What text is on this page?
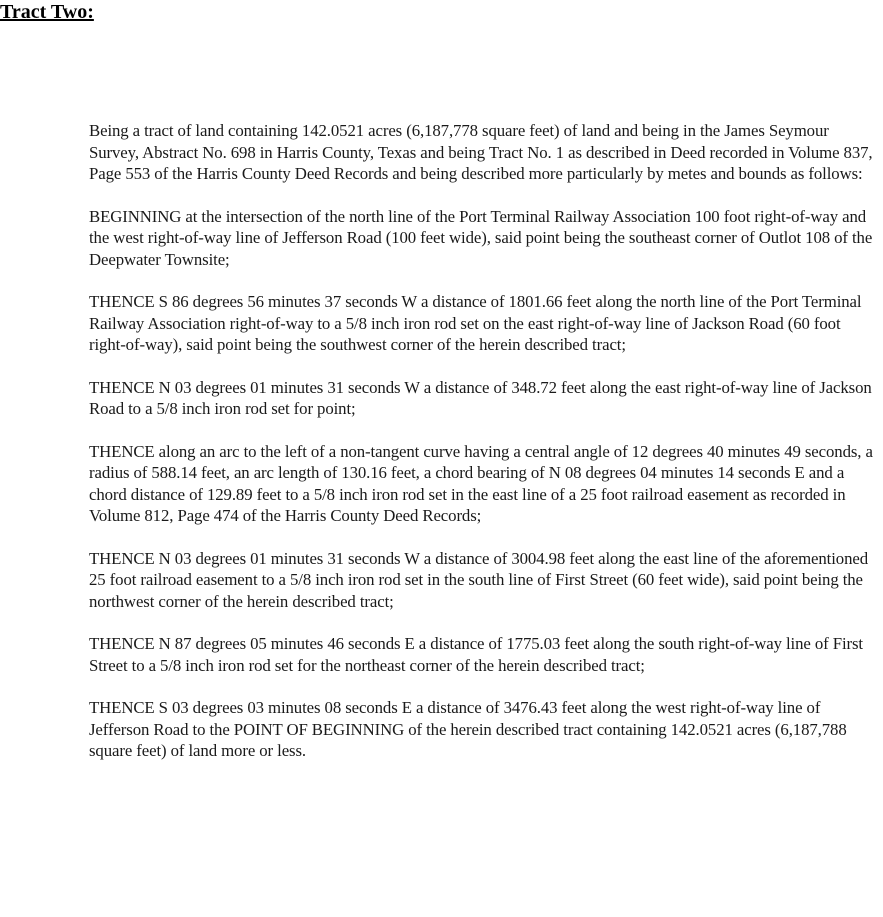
Tract Two:

Being a tract of land containing 142.0521 acres (6,187,778 square feet) of land and being in the James Seymour Survey, Abstract No. 698 in Harris County, Texas and being Tract No. 1 as described in Deed recorded in Volume 837, Page 553 of the Harris County Deed Records and being described more particularly by metes and bounds as follows:

BEGINNING at the intersection of the north line of the Port Terminal Railway Association 100 foot right-of-way and the west right-of-way line of Jefferson Road (100 feet wide), said point being the southeast corner of Outlot 108 of the Deepwater Townsite;

THENCE S 86 degrees 56 minutes 37 seconds W a distance of 1801.66 feet along the north line of the Port Terminal Railway Association right-of-way to a 5/8 inch iron rod set on the east right-of-way line of Jackson Road (60 foot right-of-way), said point being the southwest corner of the herein described tract;

THENCE N 03 degrees 01 minutes 31 seconds W a distance of 348.72 feet along the east right-of-way line of Jackson Road to a 5/8 inch iron rod set for point;

THENCE along an arc to the left of a non-tangent curve having a central angle of 12 degrees 40 minutes 49 seconds, a radius of 588.14 feet, an arc length of 130.16 feet, a chord bearing of N 08 degrees 04 minutes 14 seconds E and a chord distance of 129.89 feet to a 5/8 inch iron rod set in the east line of a 25 foot railroad easement as recorded in Volume 812, Page 474 of the Harris County Deed Records;

THENCE N 03 degrees 01 minutes 31 seconds W a distance of 3004.98 feet along the east line of the aforementioned 25 foot railroad easement to a 5/8 inch iron rod set in the south line of First Street (60 feet wide), said point being the northwest corner of the herein described tract;

THENCE N 87 degrees 05 minutes 46 seconds E a distance of 1775.03 feet along the south right-of-way line of First Street to a 5/8 inch iron rod set for the northeast corner of the herein described tract;

THENCE S 03 degrees 03 minutes 08 seconds E a distance of 3476.43 feet along the west right-of-way line of Jefferson Road to the POINT OF BEGINNING of the herein described tract containing 142.0521 acres (6,187,788 square feet) of land more or less.
